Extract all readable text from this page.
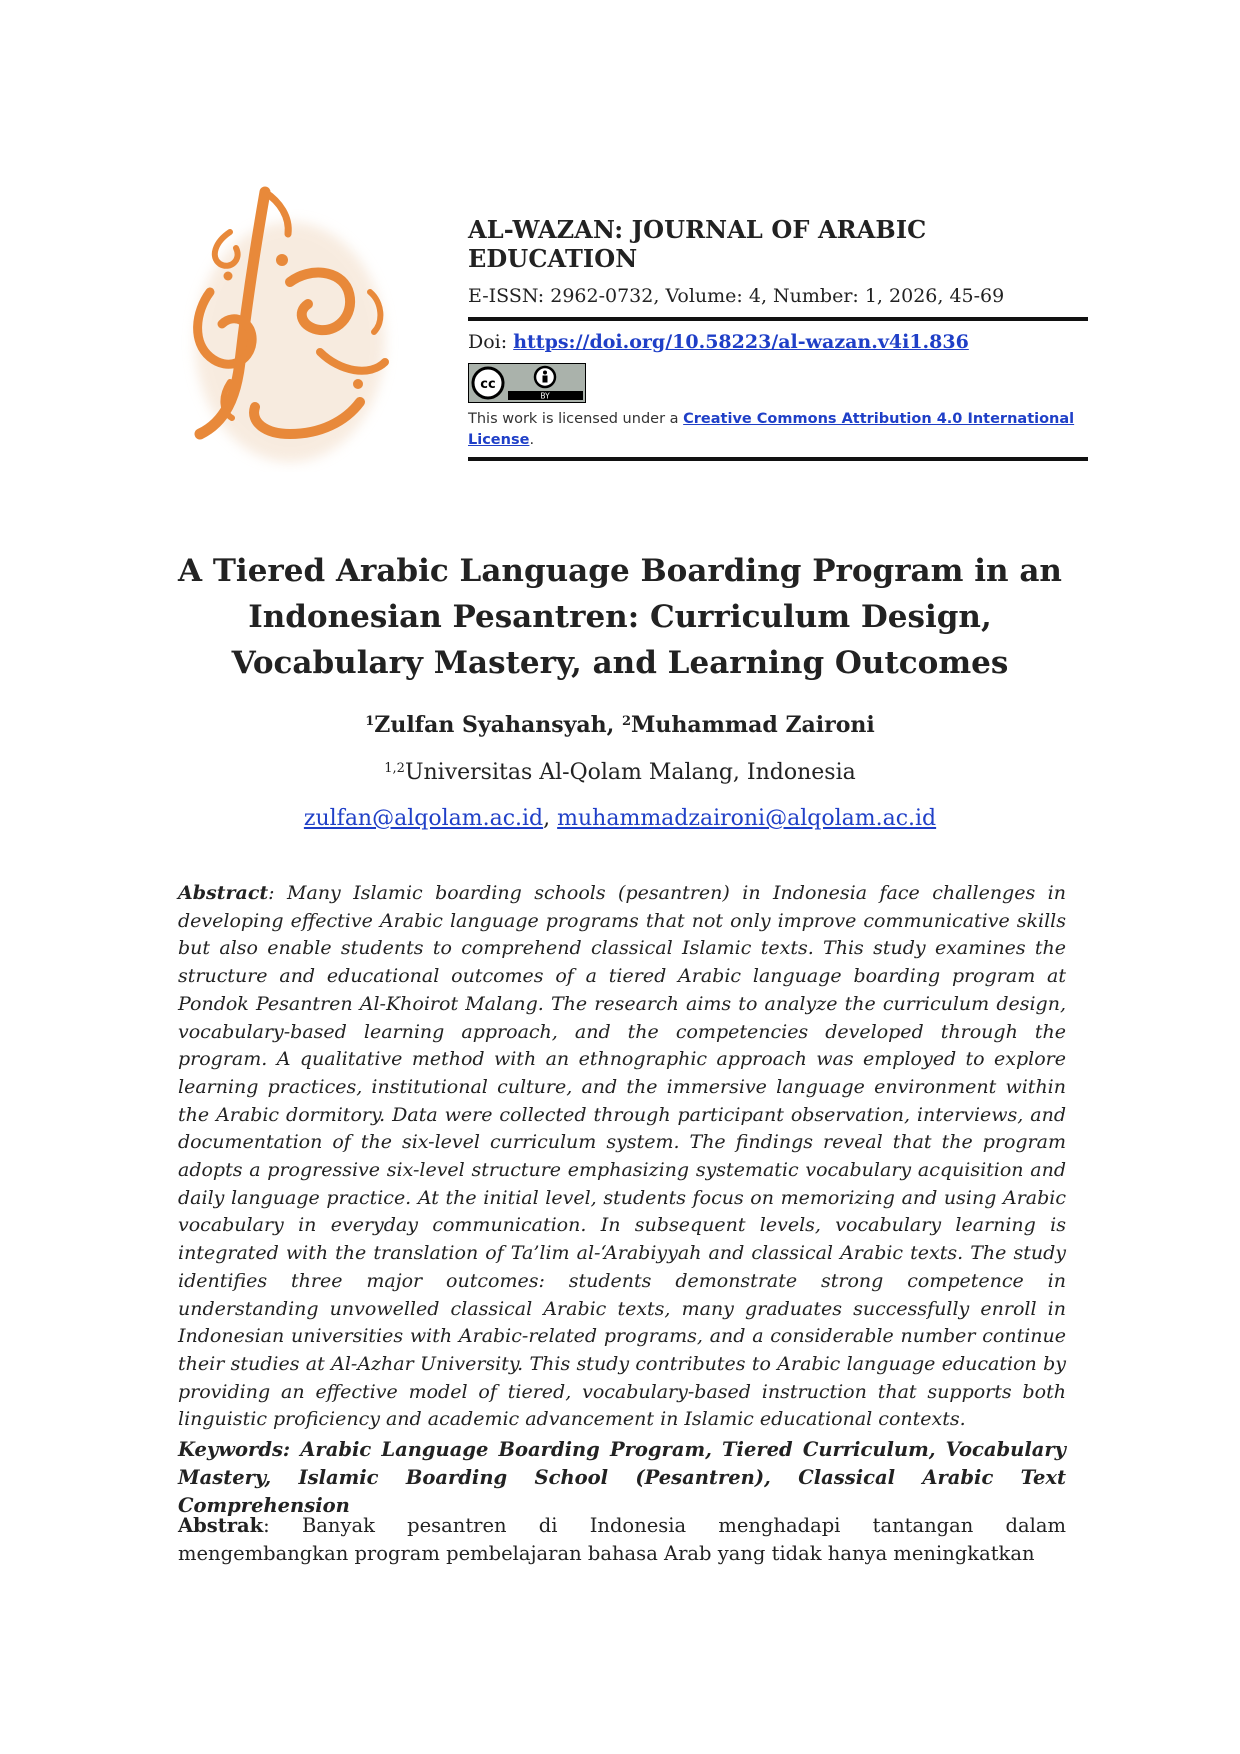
AL-WAZAN: JOURNAL OF ARABIC EDUCATION
E-ISSN: 2962-0732, Volume: 4, Number: 1, 2026, 45-69
Doi: https://doi.org/10.58223/al-wazan.v4i1.836
cc
BY
This work is licensed under a Creative Commons Attribution 4.0 International License.
A Tiered Arabic Language Boarding Program in an Indonesian Pesantren: Curriculum Design, Vocabulary Mastery, and Learning Outcomes
$^1$Zulfan Syahansyah, $^2$Muhammad Zaironi
$^{1,2}$Universitas Al-Qolam Malang, Indonesia
zulfan@alqolam.ac.id, muhammadzaironi@alqolam.ac.id
Abstract: Many Islamic boarding schools (pesantren) in Indonesia face challenges in developing effective Arabic language programs that not only improve communicative skills but also enable students to comprehend classical Islamic texts. This study examines the structure and educational outcomes of a tiered Arabic language boarding program at Pondok Pesantren Al-Khoirot Malang. The research aims to analyze the curriculum design, vocabulary-based learning approach, and the competencies developed through the program. A qualitative method with an ethnographic approach was employed to explore learning practices, institutional culture, and the immersive language environment within the Arabic dormitory. Data were collected through participant observation, interviews, and documentation of the six-level curriculum system. The findings reveal that the program adopts a progressive six-level structure emphasizing systematic vocabulary acquisition and daily language practice. At the initial level, students focus on memorizing and using Arabic vocabulary in everyday communication. In subsequent levels, vocabulary learning is integrated with the translation of Ta’lim al-‘Arabiyyah and classical Arabic texts. The study identifies three major outcomes: students demonstrate strong competence in understanding unvowelled classical Arabic texts, many graduates successfully enroll in Indonesian universities with Arabic-related programs, and a considerable number continue their studies at Al-Azhar University. This study contributes to Arabic language education by providing an effective model of tiered, vocabulary-based instruction that supports both linguistic proficiency and academic advancement in Islamic educational contexts.
Keywords: Arabic Language Boarding Program, Tiered Curriculum, Vocabulary Mastery, Islamic Boarding School (Pesantren), Classical Arabic Text Comprehension
Abstrak: Banyak pesantren di Indonesia menghadapi tantangan dalam
mengembangkan program pembelajaran bahasa Arab yang tidak hanya meningkatkan
